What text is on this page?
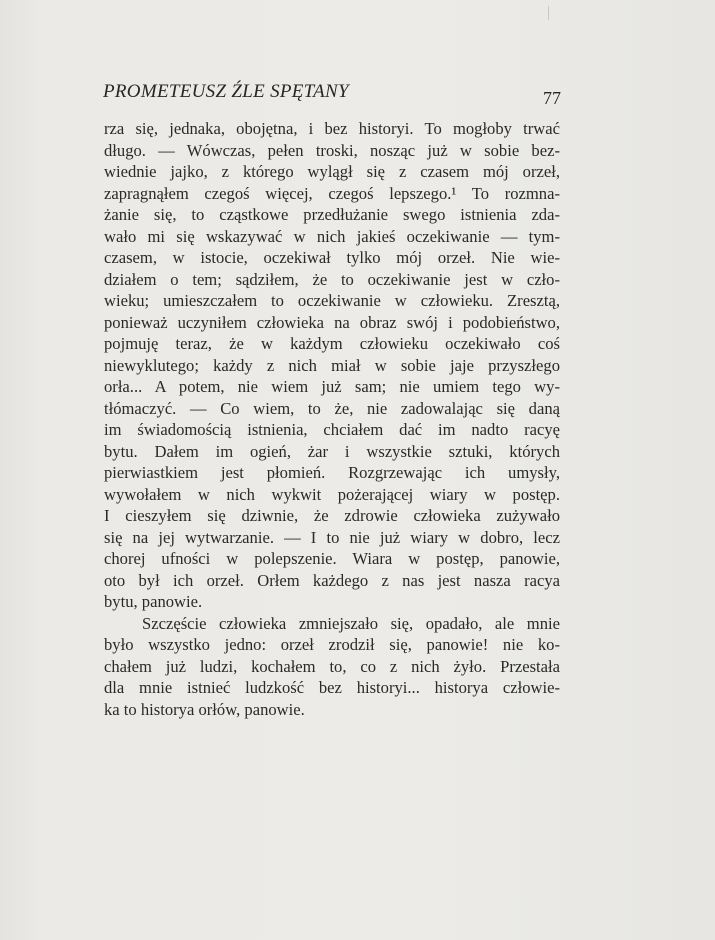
PROMETEUSZ ŹLE SPĘTANY	77
rza się, jednaka, obojętna, i bez historyi. To mogłoby trwać
długo. — Wówczas, pełen troski, nosząc już w sobie bez-
wiednie jajko, z którego wylągł się z czasem mój orzeł,
zapragnąłem czegoś więcej, czegoś lepszego.¹ To rozmna-
żanie się, to cząstkowe przedłużanie swego istnienia zda-
wało mi się wskazywać w nich jakieś oczekiwanie — tym-
czasem, w istocie, oczekiwał tylko mój orzeł. Nie wie-
działem o tem; sądziłem, że to oczekiwanie jest w czło-
wieku; umieszczałem to oczekiwanie w człowieku. Zresztą,
ponieważ uczyniłem człowieka na obraz swój i podobieństwo,
pojmuję teraz, że w każdym człowieku oczekiwało coś
niewyklutego; każdy z nich miał w sobie jaje przyszłego
orła... A potem, nie wiem już sam; nie umiem tego wy-
tłómaczyć. — Co wiem, to że, nie zadowalając się daną
im świadomością istnienia, chciałem dać im nadto racyę
bytu. Dałem im ogień, żar i wszystkie sztuki, których
pierwiastkiem jest płomień. Rozgrzewając ich umysły,
wywołałem w nich wykwit pożerającej wiary w postęp.
I cieszyłem się dziwnie, że zdrowie człowieka zużywało
się na jej wytwarzanie. — I to nie już wiary w dobro, lecz
chorej ufności w polepszenie. Wiara w postęp, panowie,
oto był ich orzeł. Orłem każdego z nas jest nasza racya
bytu, panowie.
Szczęście człowieka zmniejszało się, opadało, ale mnie
było wszystko jedno: orzeł zrodził się, panowie! nie ko-
chałem już ludzi, kochałem to, co z nich żyło. Przestała
dla mnie istnieć ludzkość bez historyi... historya człowie-
ka to historya orłów, panowie.
